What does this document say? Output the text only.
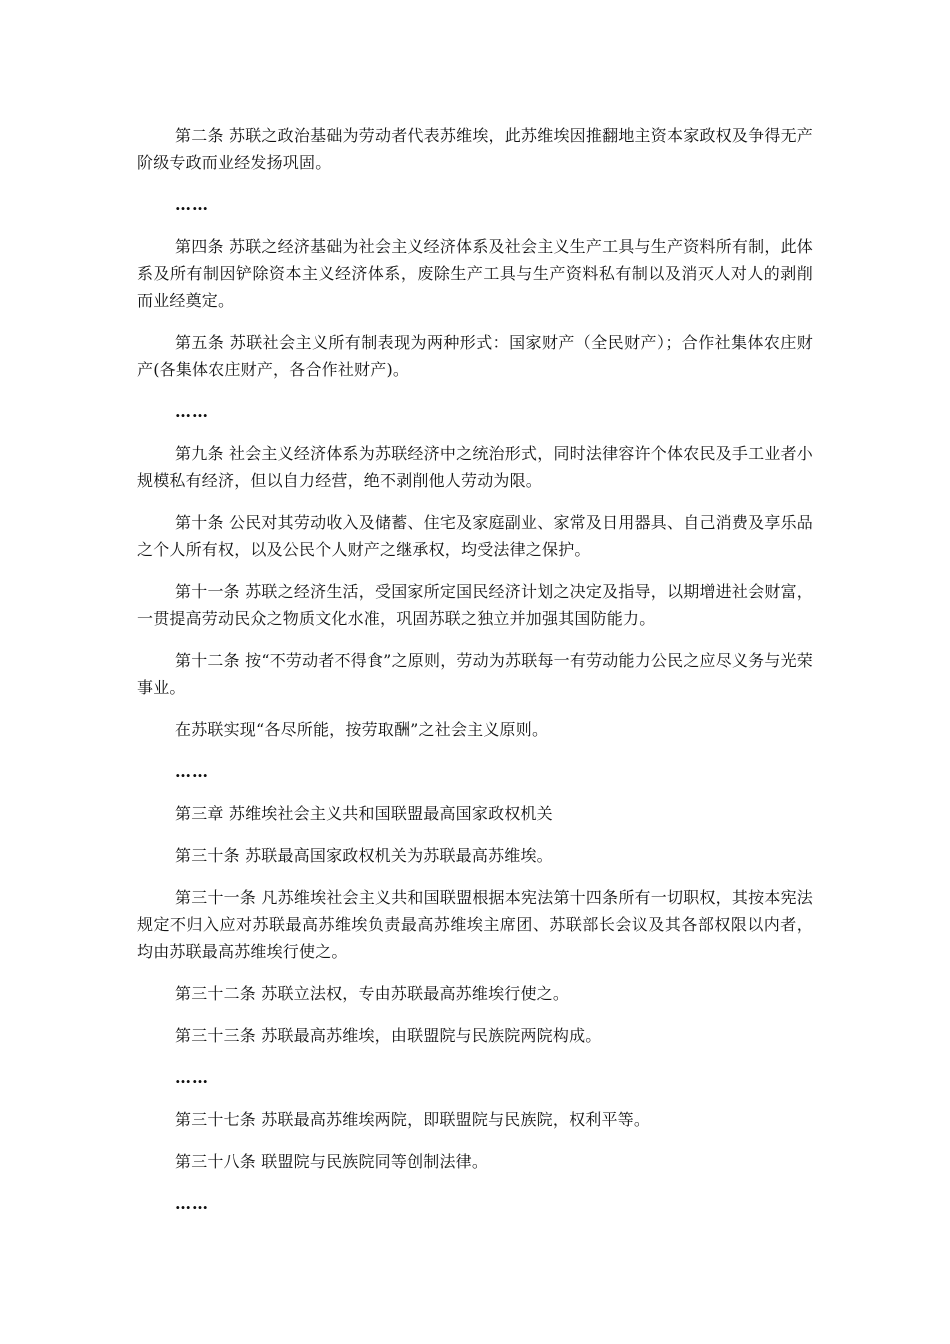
第二条 苏联之政治基础为劳动者代表苏维埃，此苏维埃因推翻地主资本家政权及争得无产阶级专政而业经发扬巩固。

……

第四条 苏联之经济基础为社会主义经济体系及社会主义生产工具与生产资料所有制，此体系及所有制因铲除资本主义经济体系，废除生产工具与生产资料私有制以及消灭人对人的剥削而业经奠定。

第五条 苏联社会主义所有制表现为两种形式：国家财产（全民财产）；合作社集体农庄财产(各集体农庄财产，各合作社财产)。

……

第九条 社会主义经济体系为苏联经济中之统治形式，同时法律容许个体农民及手工业者小规模私有经济，但以自力经营，绝不剥削他人劳动为限。

第十条 公民对其劳动收入及储蓄、住宅及家庭副业、家常及日用器具、自己消费及享乐品之个人所有权，以及公民个人财产之继承权，均受法律之保护。

第十一条 苏联之经济生活，受国家所定国民经济计划之决定及指导，以期增进社会财富，一贯提高劳动民众之物质文化水准，巩固苏联之独立并加强其国防能力。

第十二条 按“不劳动者不得食”之原则，劳动为苏联每一有劳动能力公民之应尽义务与光荣事业。

在苏联实现“各尽所能，按劳取酬”之社会主义原则。

……

第三章 苏维埃社会主义共和国联盟最高国家政权机关

第三十条 苏联最高国家政权机关为苏联最高苏维埃。

第三十一条 凡苏维埃社会主义共和国联盟根据本宪法第十四条所有一切职权，其按本宪法规定不归入应对苏联最高苏维埃负责最高苏维埃主席团、苏联部长会议及其各部权限以内者，均由苏联最高苏维埃行使之。

第三十二条 苏联立法权，专由苏联最高苏维埃行使之。

第三十三条 苏联最高苏维埃，由联盟院与民族院两院构成。

……

第三十七条 苏联最高苏维埃两院，即联盟院与民族院，权利平等。

第三十八条 联盟院与民族院同等创制法律。

……
